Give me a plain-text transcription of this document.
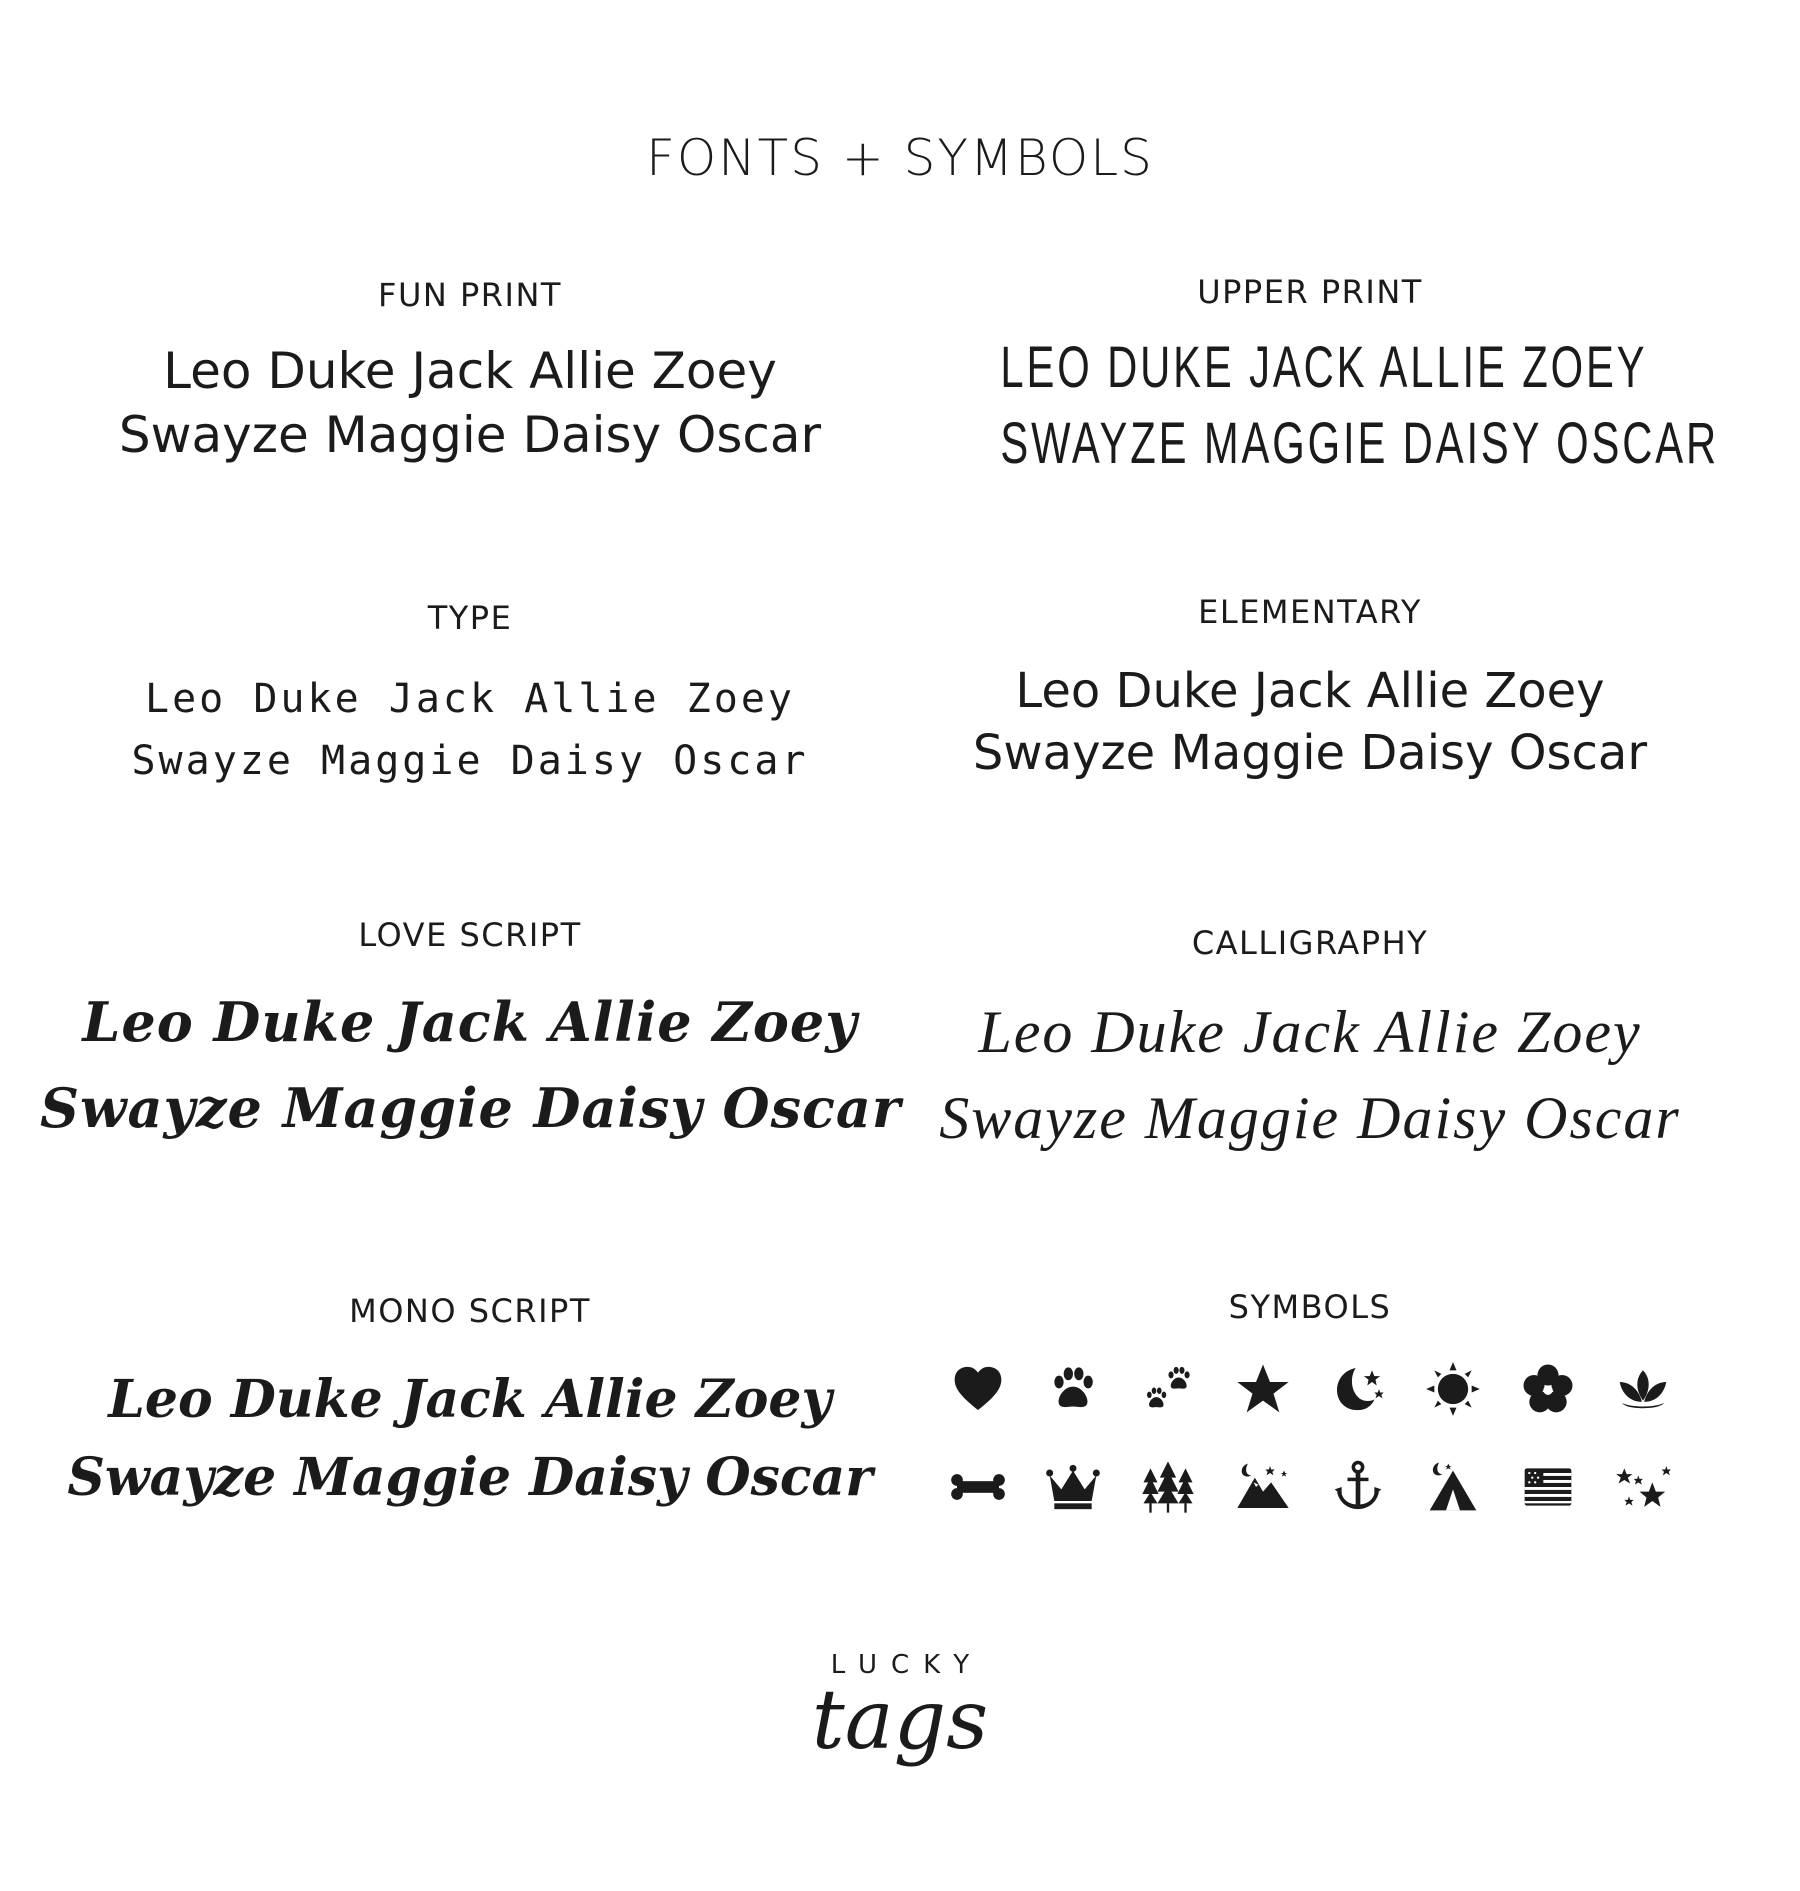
FONTS + SYMBOLS

FUN PRINT

Leo Duke Jack Allie Zoey

Swayze Maggie Daisy Oscar

UPPER PRINT

LEO DUKE JACK ALLIE ZOEY

SWAYZE MAGGIE DAISY OSCAR

TYPE

Leo Duke Jack Allie Zoey

Swayze Maggie Daisy Oscar

ELEMENTARY

Leo Duke Jack Allie Zoey

Swayze Maggie Daisy Oscar

LOVE SCRIPT

Leo Duke Jack Allie Zoey

Swayze Maggie Daisy Oscar

CALLIGRAPHY

Leo Duke Jack Allie Zoey

Swayze Maggie Daisy Oscar

MONO SCRIPT

Leo Duke Jack Allie Zoey

Swayze Maggie Daisy Oscar

SYMBOLS

LUCKY
tags
